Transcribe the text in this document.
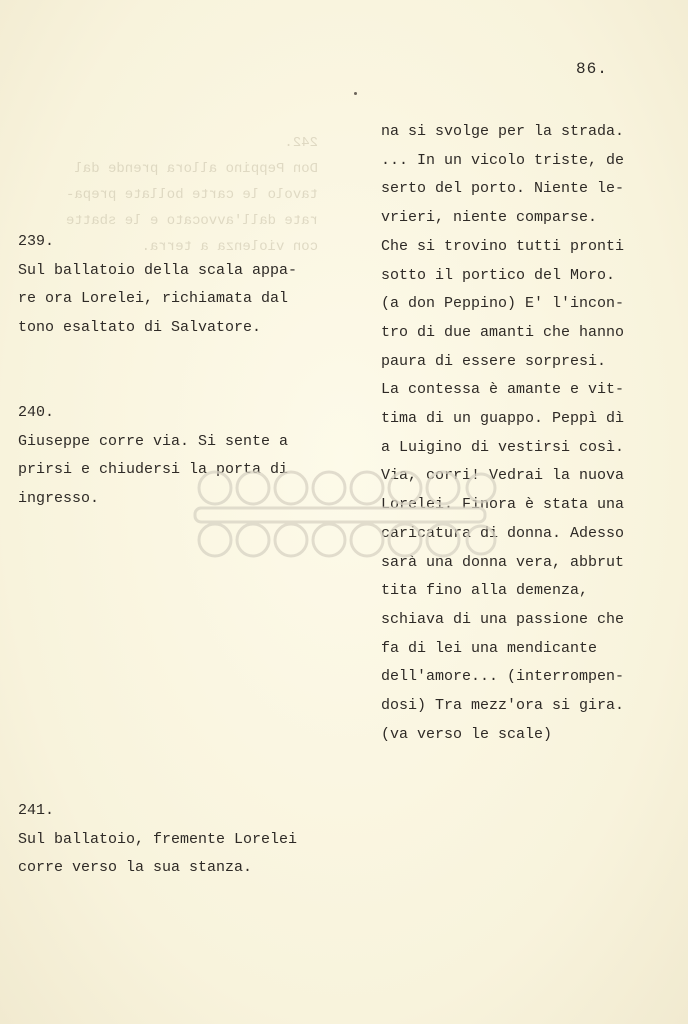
86.
242.
Don Peppino allora prende dal
tavolo le carte bollate prepa-
rate dall'avvocato e le sbatte
con violenza a terra.
239.
Sul ballatoio della scala appa-
re ora Lorelei, richiamata dal
tono esaltato di Salvatore.
240.
Giuseppe corre via. Si sente a
prirsi e chiudersi la porta di
ingresso.
241.
Sul ballatoio, fremente Lorelei
corre verso la sua stanza.
na si svolge per la strada.
... In un vicolo triste, de
serto del porto. Niente le-
vrieri, niente comparse.
Che si trovino tutti pronti
sotto il portico del Moro.
(a don Peppino) E' l'incon-
tro di due amanti che hanno
paura di essere sorpresi.
La contessa è amante e vit-
tima di un guappo. Peppì dì
a Luigino di vestirsi così.
Via, corri! Vedrai la nuova
Lorelei. Finora è stata una
caricatura di donna. Adesso
sarà una donna vera, abbrut
tita fino alla demenza,
schiava di una passione che
fa di lei una mendicante
dell'amore... (interrompen-
dosi) Tra mezz'ora si gira.
(va verso le scale)
